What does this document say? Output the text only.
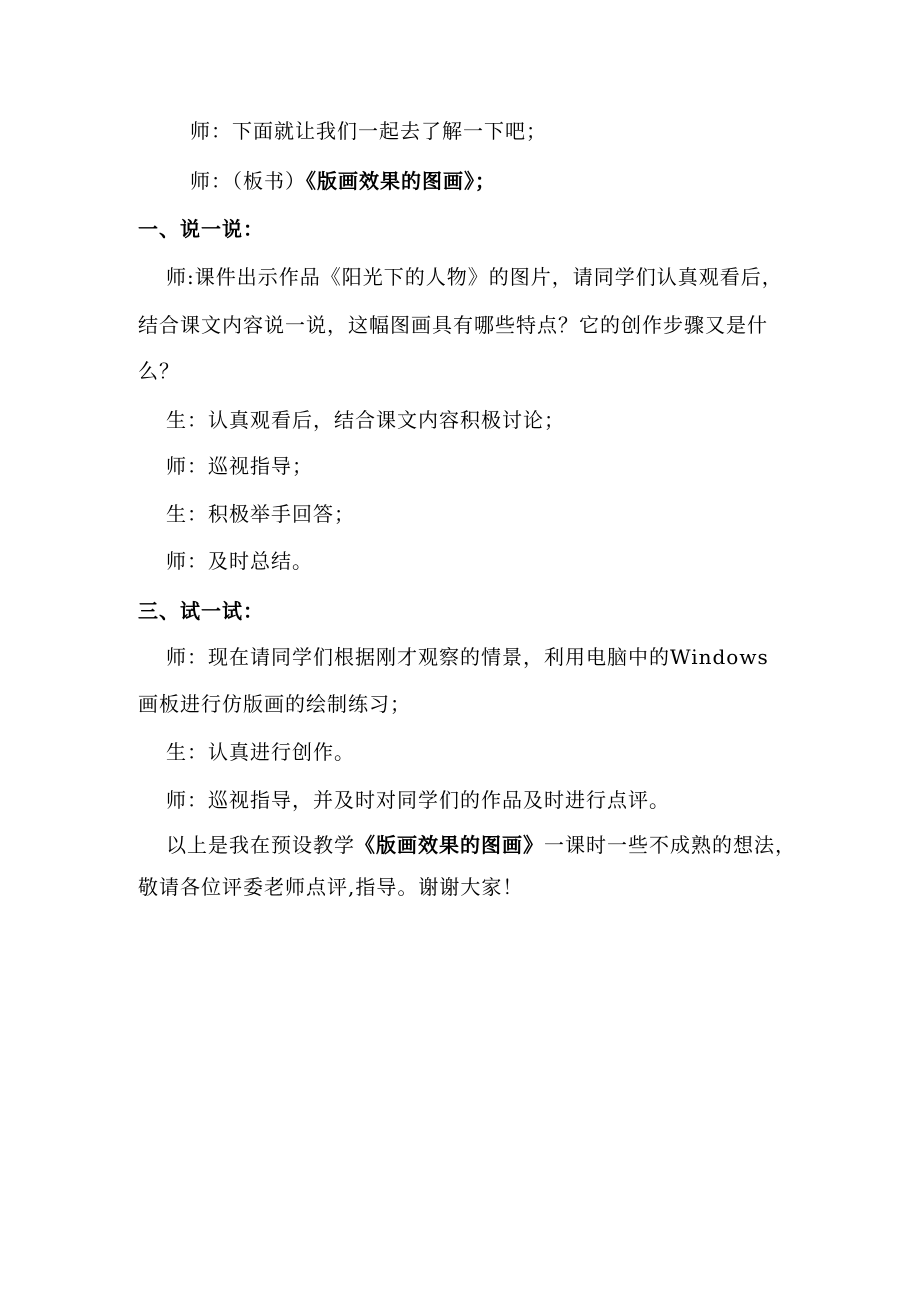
师：下面就让我们一起去了解一下吧；
师：（板书）《版画效果的图画》；
一、说一说：
师:课件出示作品《阳光下的人物》的图片，请同学们认真观看后，
结合课文内容说一说，这幅图画具有哪些特点？它的创作步骤又是什
么？
生：认真观看后，结合课文内容积极讨论；
师：巡视指导；
生：积极举手回答；
师：及时总结。
三、试一试：
师：现在请同学们根据刚才观察的情景，利用电脑中的Windows
画板进行仿版画的绘制练习；
生：认真进行创作。
师：巡视指导，并及时对同学们的作品及时进行点评。
以上是我在预设教学《版画效果的图画》一课时一些不成熟的想法，
敬请各位评委老师点评,指导。谢谢大家！
